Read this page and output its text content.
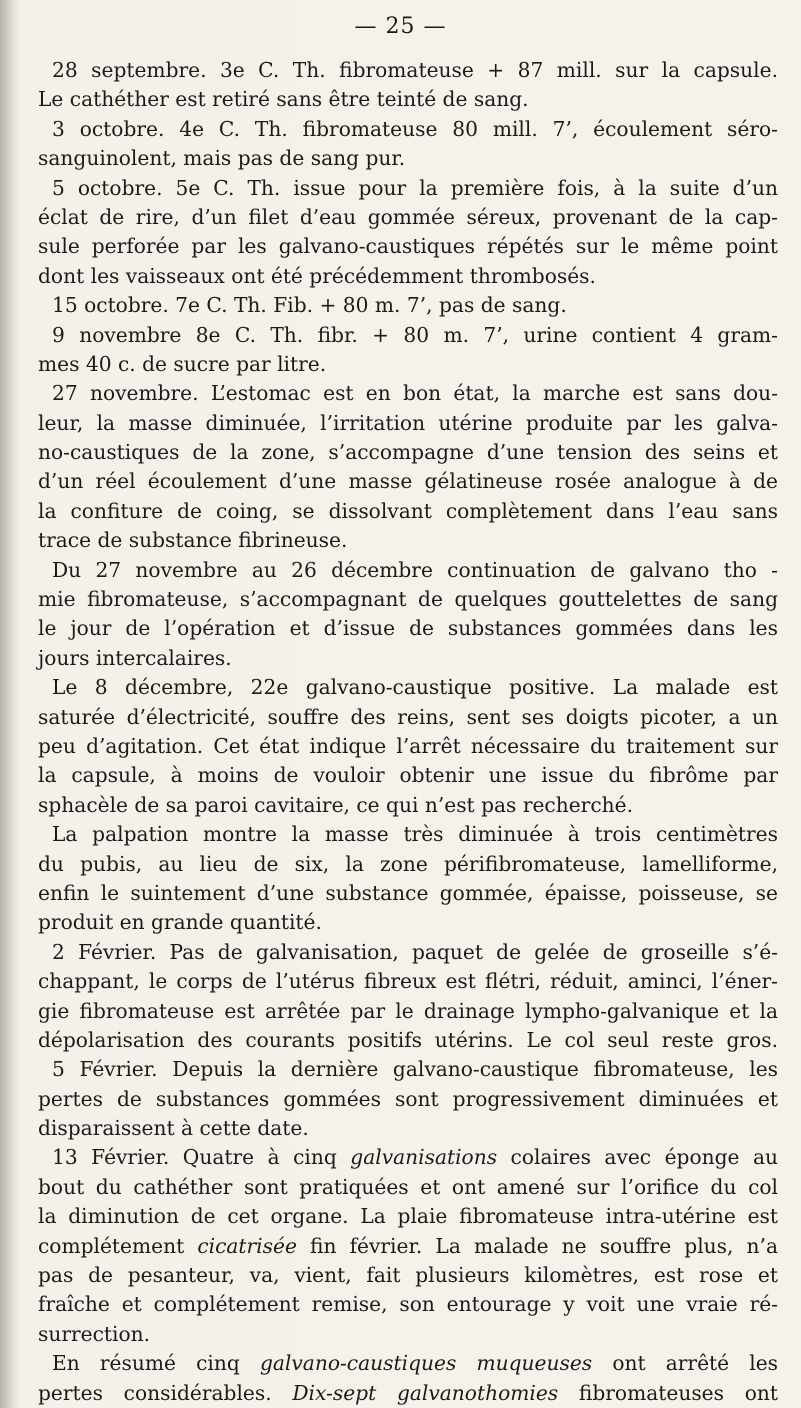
— 25 —
28 septembre. 3e C. Th. fibromateuse + 87 mill. sur la capsule.
Le cathéther est retiré sans être teinté de sang.
3 octobre. 4e C. Th. fibromateuse 80 mill. 7’, écoulement séro-
sanguinolent, mais pas de sang pur.
5 octobre. 5e C. Th. issue pour la première fois, à la suite d’un
éclat de rire, d’un filet d’eau gommée séreux, provenant de la cap-
sule perforée par les galvano-caustiques répétés sur le même point
dont les vaisseaux ont été précédemment thrombosés.
15 octobre. 7e C. Th. Fib. + 80 m. 7’, pas de sang.
9 novembre 8e C. Th. fibr. + 80 m. 7’, urine contient 4 gram-
mes 40 c. de sucre par litre.
27 novembre. L’estomac est en bon état, la marche est sans dou-
leur, la masse diminuée, l’irritation utérine produite par les galva-
no-caustiques de la zone, s’accompagne d’une tension des seins et
d’un réel écoulement d’une masse gélatineuse rosée analogue à de
la confiture de coing, se dissolvant complètement dans l’eau sans
trace de substance fibrineuse.
Du 27 novembre au 26 décembre continuation de galvano tho -
mie fibromateuse, s’accompagnant de quelques gouttelettes de sang
le jour de l’opération et d’issue de substances gommées dans les
jours intercalaires.
Le 8 décembre, 22e galvano-caustique positive. La malade est
saturée d’électricité, souffre des reins, sent ses doigts picoter, a un
peu d’agitation. Cet état indique l’arrêt nécessaire du traitement sur
la capsule, à moins de vouloir obtenir une issue du fibrôme par
sphacèle de sa paroi cavitaire, ce qui n’est pas recherché.
La palpation montre la masse très diminuée à trois centimètres
du pubis, au lieu de six, la zone périfibromateuse, lamelliforme,
enfin le suintement d’une substance gommée, épaisse, poisseuse, se
produit en grande quantité.
2 Février. Pas de galvanisation, paquet de gelée de groseille s’é-
chappant, le corps de l’utérus fibreux est flétri, réduit, aminci, l’éner-
gie fibromateuse est arrêtée par le drainage lympho-galvanique et la
dépolarisation des courants positifs utérins. Le col seul reste gros.
5 Février. Depuis la dernière galvano-caustique fibromateuse, les
pertes de substances gommées sont progressivement diminuées et
disparaissent à cette date.
13 Février. Quatre à cinq galvanisations colaires avec éponge au
bout du cathéther sont pratiquées et ont amené sur l’orifice du col
la diminution de cet organe. La plaie fibromateuse intra-utérine est
complétement cicatrisée fin février. La malade ne souffre plus, n’a
pas de pesanteur, va, vient, fait plusieurs kilomètres, est rose et
fraîche et complétement remise, son entourage y voit une vraie ré-
surrection.
En résumé cinq galvano-caustiques muqueuses ont arrêté les
pertes considérables. Dix-sept galvanothomies fibromateuses ont
